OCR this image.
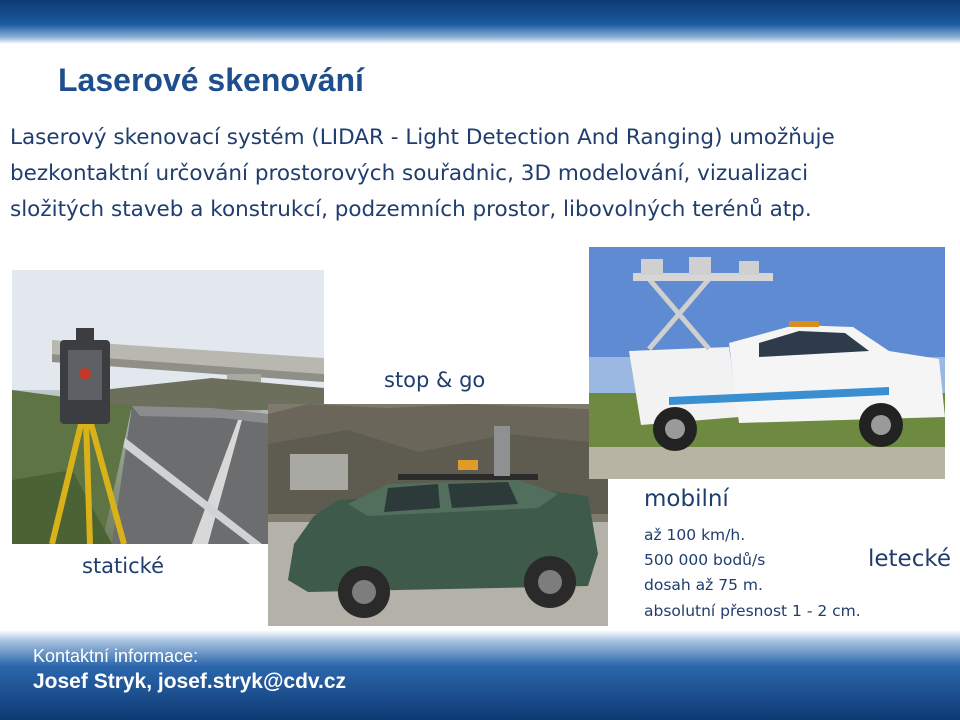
Laserové skenování

Laserový skenovací systém (LIDAR - Light Detection And Ranging) umožňuje bezkontaktní určování prostorových souřadnic, 3D modelování, vizualizaci složitých staveb a konstrukcí, podzemních prostor, libovolných terénů atp.

stop & go

statické

mobilní

až 100 km/h.

500 000 bodů/s

dosah až 75 m.

absolutní přesnost 1 - 2 cm.

letecké

Kontaktní informace:

Josef Stryk, josef.stryk@cdv.cz
